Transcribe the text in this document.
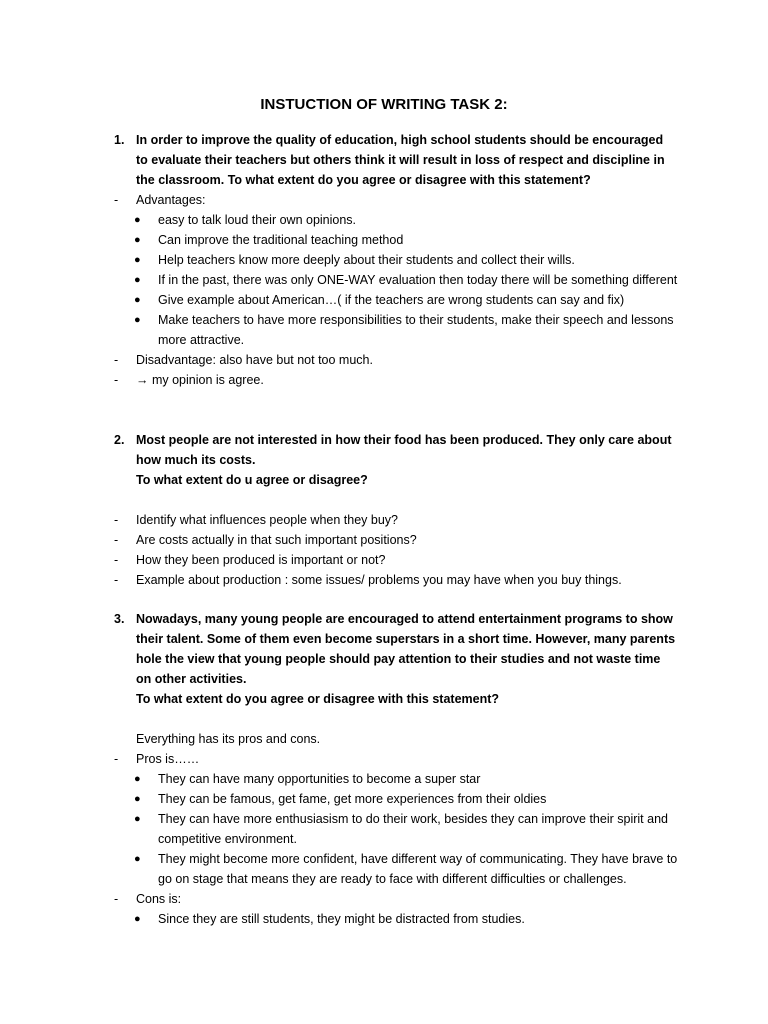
INSTUCTION OF WRITING TASK 2:
1. In order to improve the quality of education, high school students should be encouraged to evaluate their teachers but others think it will result in loss of respect and discipline in the classroom. To what extent do you agree or disagree with this statement?
- Advantages:
● easy to talk loud their own opinions.
● Can improve the traditional teaching method
● Help teachers know more deeply about their students and collect their wills.
● If in the past, there was only ONE-WAY evaluation then today there will be something different
● Give example about American…( if the teachers are wrong students can say and fix)
● Make teachers to have more responsibilities to their students, make their speech and lessons more attractive.
- Disadvantage: also have but not too much.
- → my opinion is agree.
2. Most people are not interested in how their food has been produced. They only care about how much its costs.
To what extent do u agree or disagree?
- Identify what influences people when they buy?
- Are costs actually in that such important positions?
- How they been produced is important or not?
- Example about production : some issues/ problems you may have when you buy things.
3. Nowadays, many young people are encouraged to attend entertainment programs to show their talent. Some of them even become superstars in a short time. However, many parents hole the view that young people should pay attention to their studies and not waste time on other activities.
To what extent do you agree or disagree with this statement?
Everything has its pros and cons.
- Pros is……
● They can have many opportunities to become a super star
● They can be famous, get fame, get more experiences from their oldies
● They can have more enthusiasism to do their work, besides they can improve their spirit and competitive environment.
● They might become more confident, have different way of communicating. They have brave to go on stage that means they are ready to face with different difficulties or challenges.
- Cons is:
● Since they are still students, they might be distracted from studies.
